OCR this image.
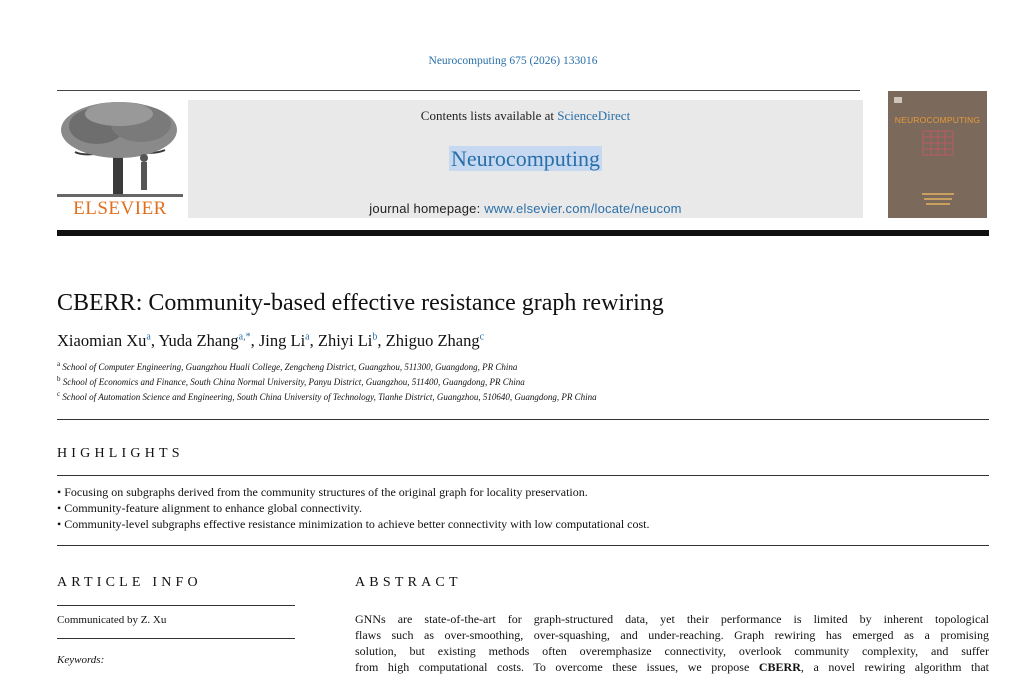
Neurocomputing 675 (2026) 133016
ELSEVIER
Contents lists available at ScienceDirect
Neurocomputing
journal homepage: www.elsevier.com/locate/neucom
NEUROCOMPUTING
CBERR: Community-based effective resistance graph rewiring
Xiaomian Xu$^a$, Yuda Zhang$^{a,*}$, Jing Li$^a$, Zhiyi Li$^b$, Zhiguo Zhang$^c$
$^a$ School of Computer Engineering, Guangzhou Huali College, Zengcheng District, Guangzhou, 511300, Guangdong, PR China
$^b$ School of Economics and Finance, South China Normal University, Panyu District, Guangzhou, 511400, Guangdong, PR China
$^c$ School of Automation Science and Engineering, South China University of Technology, Tianhe District, Guangzhou, 510640, Guangdong, PR China
HIGHLIGHTS
• Focusing on subgraphs derived from the community structures of the original graph for locality preservation.
• Community-feature alignment to enhance global connectivity.
• Community-level subgraphs effective resistance minimization to achieve better connectivity with low computational cost.
ARTICLE INFO
Communicated by Z. Xu
Keywords:
ABSTRACT
GNNs are state-of-the-art for graph-structured data, yet their performance is limited by inherent topological
flaws such as over-smoothing, over-squashing, and under-reaching. Graph rewiring has emerged as a promising
solution, but existing methods often overemphasize connectivity, overlook community complexity, and suffer
from high computational costs. To overcome these issues, we propose CBERR, a novel rewiring algorithm that
